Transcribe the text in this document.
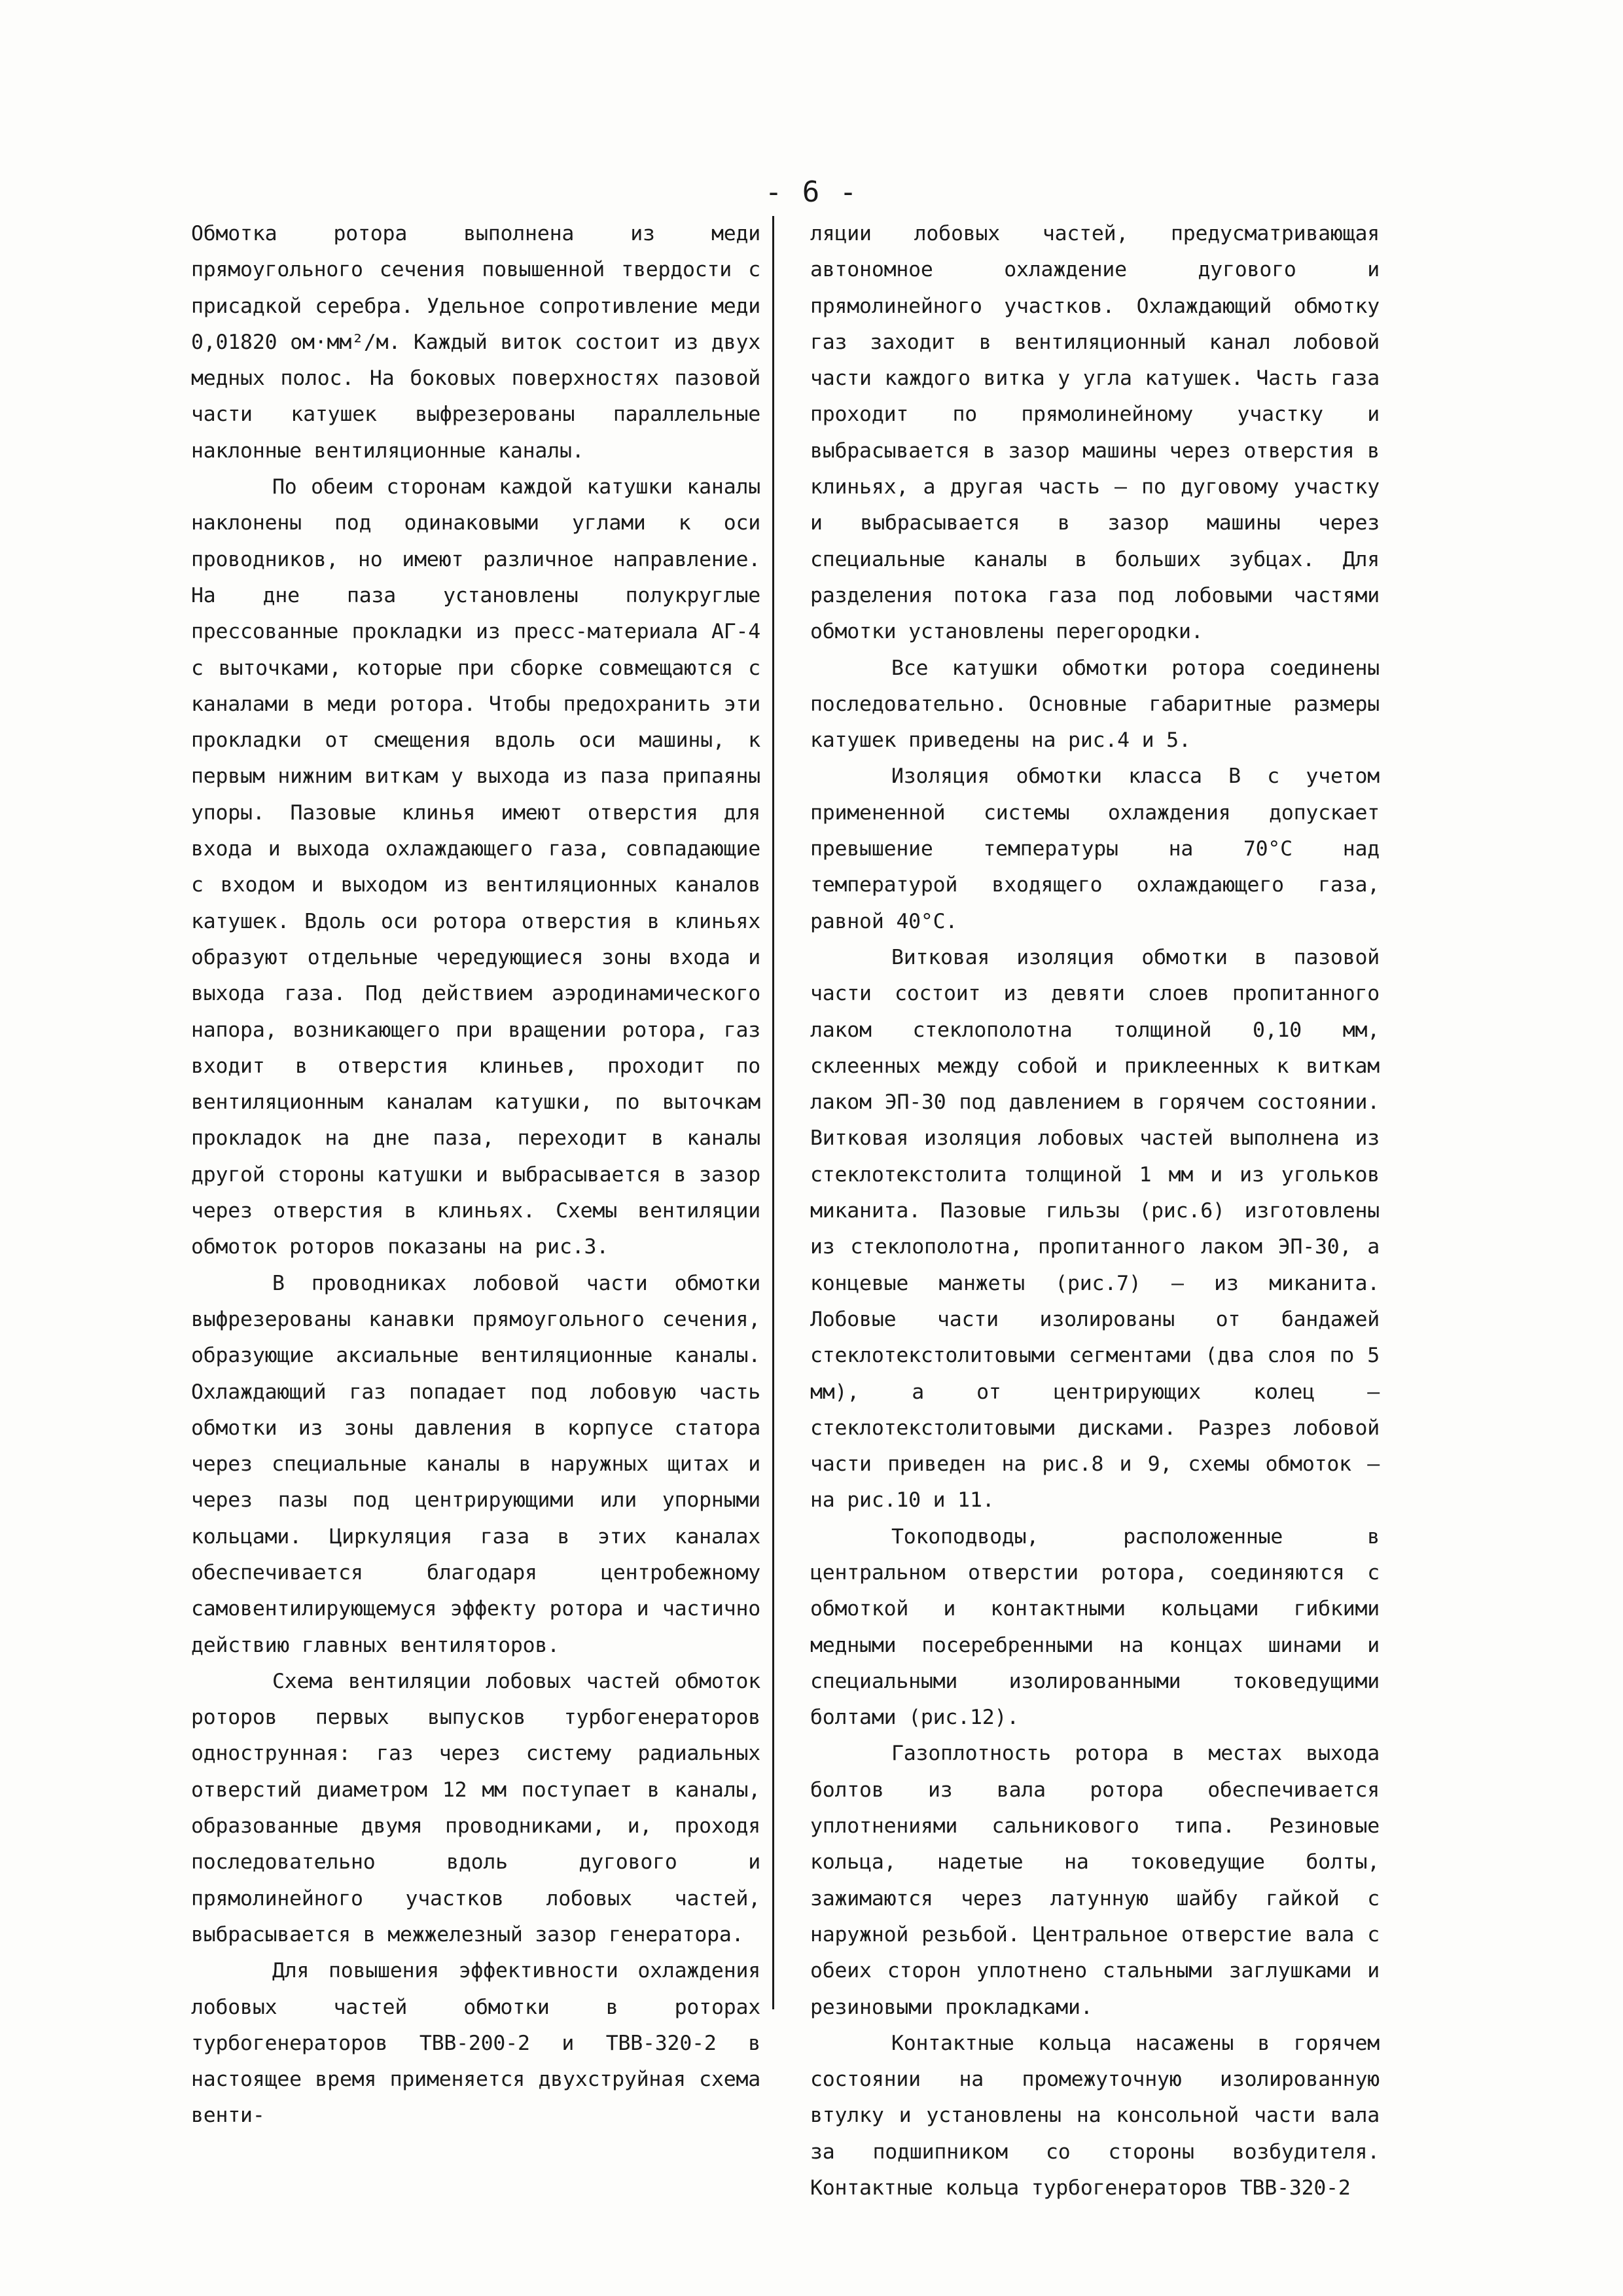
- 6 -

Обмотка ротора выполнена из меди прямоугольного сечения повышенной твердости с присадкой серебра. Удельное сопротивление меди 0,01820 ом·мм²/м. Каждый виток состоит из двух медных полос. На боковых поверхностях пазовой части катушек выфрезерованы параллельные наклонные вентиляционные каналы.

По обеим сторонам каждой катушки каналы наклонены под одинаковыми углами к оси проводников, но имеют различное направление. На дне паза установлены полукруглые прессованные прокладки из пресс-материала АГ-4 с выточками, которые при сборке совмещаются с каналами в меди ротора. Чтобы предохранить эти прокладки от смещения вдоль оси машины, к первым нижним виткам у выхода из паза припаяны упоры. Пазовые клинья имеют отверстия для входа и выхода охлаждающего газа, совпадающие с входом и выходом из вентиляционных каналов катушек. Вдоль оси ротора отверстия в клиньях образуют отдельные чередующиеся зоны входа и выхода газа. Под действием аэродинамического напора, возникающего при вращении ротора, газ входит в отверстия клиньев, проходит по вентиляционным каналам катушки, по выточкам прокладок на дне паза, переходит в каналы другой стороны катушки и выбрасывается в зазор через отверстия в клиньях. Схемы вентиляции обмоток роторов показаны на рис.3.

В проводниках лобовой части обмотки выфрезерованы канавки прямоугольного сечения, образующие аксиальные вентиляционные каналы. Охлаждающий газ попадает под лобовую часть обмотки из зоны давления в корпусе статора через специальные каналы в наружных щитах и через пазы под центрирующими или упорными кольцами. Циркуляция газа в этих каналах обеспечивается благодаря центробежному самовентилирующемуся эффекту ротора и частично действию главных вентиляторов.

Схема вентиляции лобовых частей обмоток роторов первых выпусков турбогенераторов однострунная: газ через систему радиальных отверстий диаметром 12 мм поступает в каналы, образованные двумя проводниками, и, проходя последовательно вдоль дугового и прямолинейного участков лобовых частей, выбрасывается в межжелезный зазор генератора.

Для повышения эффективности охлаждения лобовых частей обмотки в роторах турбогенераторов ТВВ-200-2 и ТВВ-320-2 в настоящее время применяется двухструйная схема венти-

ляции лобовых частей, предусматривающая автономное охлаждение дугового и прямолинейного участков. Охлаждающий обмотку газ заходит в вентиляционный канал лобовой части каждого витка у угла катушек. Часть газа проходит по прямолинейному участку и выбрасывается в зазор машины через отверстия в клиньях, а другая часть – по дуговому участку и выбрасывается в зазор машины через специальные каналы в больших зубцах. Для разделения потока газа под лобовыми частями обмотки установлены перегородки.

Все катушки обмотки ротора соединены последовательно. Основные габаритные размеры катушек приведены на рис.4 и 5.

Изоляция обмотки класса В с учетом примененной системы охлаждения допускает превышение температуры на 70°С над температурой входящего охлаждающего газа, равной 40°С.

Витковая изоляция обмотки в пазовой части состоит из девяти слоев пропитанного лаком стеклополотна толщиной 0,10 мм, склеенных между собой и приклеенных к виткам лаком ЭП-30 под давлением в горячем состоянии. Витковая изоляция лобовых частей выполнена из стеклотекстолита толщиной 1 мм и из угольков миканита. Пазовые гильзы (рис.6) изготовлены из стеклополотна, пропитанного лаком ЭП-30, а концевые манжеты (рис.7) – из миканита. Лобовые части изолированы от бандажей стеклотекстолитовыми сегментами (два слоя по 5 мм), а от центрирующих колец – стеклотекстолитовыми дисками. Разрез лобовой части приведен на рис.8 и 9, схемы обмоток – на рис.10 и 11.

Токоподводы, расположенные в центральном отверстии ротора, соединяются с обмоткой и контактными кольцами гибкими медными посеребренными на концах шинами и специальными изолированными токоведущими болтами (рис.12).

Газоплотность ротора в местах выхода болтов из вала ротора обеспечивается уплотнениями сальникового типа. Резиновые кольца, надетые на токоведущие болты, зажимаются через латунную шайбу гайкой с наружной резьбой. Центральное отверстие вала с обеих сторон уплотнено стальными заглушками и резиновыми прокладками.

Контактные кольца насажены в горячем состоянии на промежуточную изолированную втулку и установлены на консольной части вала за подшипником со стороны возбудителя. Контактные кольца турбогенераторов ТВВ-320-2
